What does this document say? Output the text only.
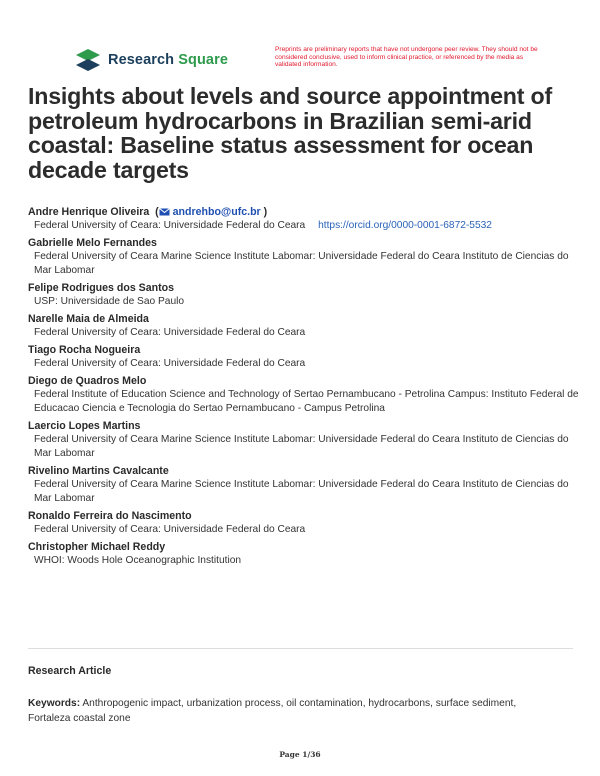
Research Square
Preprints are preliminary reports that have not undergone peer review. They should not be considered conclusive, used to inform clinical practice, or referenced by the media as validated information.
Insights about levels and source appointment of petroleum hydrocarbons in Brazilian semi-arid coastal: Baseline status assessment for ocean decade targets
Andre Henrique Oliveira  ( andrehbo@ufc.br )
Federal University of Ceara: Universidade Federal do Ceara https://orcid.org/0000-0001-6872-5532
Gabrielle Melo Fernandes
Federal University of Ceara Marine Science Institute Labomar: Universidade Federal do Ceara Instituto de Ciencias do Mar Labomar
Felipe Rodrigues dos Santos
USP: Universidade de Sao Paulo
Narelle Maia de Almeida
Federal University of Ceara: Universidade Federal do Ceara
Tiago Rocha Nogueira
Federal University of Ceara: Universidade Federal do Ceara
Diego de Quadros Melo
Federal Institute of Education Science and Technology of Sertao Pernambucano - Petrolina Campus: Instituto Federal de Educacao Ciencia e Tecnologia do Sertao Pernambucano - Campus Petrolina
Laercio Lopes Martins
Federal University of Ceara Marine Science Institute Labomar: Universidade Federal do Ceara Instituto de Ciencias do Mar Labomar
Rivelino Martins Cavalcante
Federal University of Ceara Marine Science Institute Labomar: Universidade Federal do Ceara Instituto de Ciencias do Mar Labomar
Ronaldo Ferreira do Nascimento
Federal University of Ceara: Universidade Federal do Ceara
Christopher Michael Reddy
WHOI: Woods Hole Oceanographic Institution
Research Article
Keywords: Anthropogenic impact, urbanization process, oil contamination, hydrocarbons, surface sediment, Fortaleza coastal zone
Page 1/36
